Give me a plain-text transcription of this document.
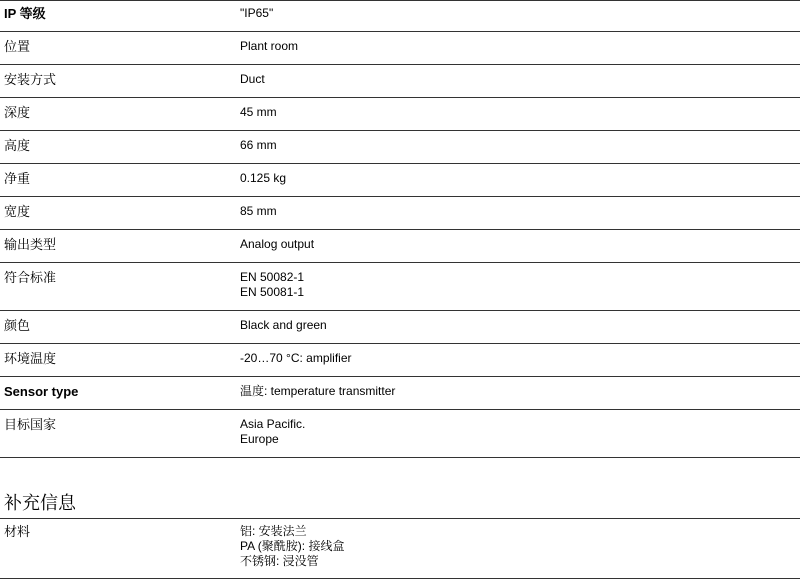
IP 等级	"IP65"

位置	Plant room

安装方式	Duct

深度	45 mm

高度	66 mm

净重	0.125 kg

宽度	85 mm

输出类型	Analog output

符合标准	EN 50082-1
EN 50081-1

颜色	Black and green

环境温度	-20…70 °C: amplifier

Sensor type	温度: temperature transmitter

目标国家	Asia Pacific.
Europe
补充信息
材料	铝: 安装法兰
PA (聚酰胺): 接线盒
不锈钢: 浸没管
